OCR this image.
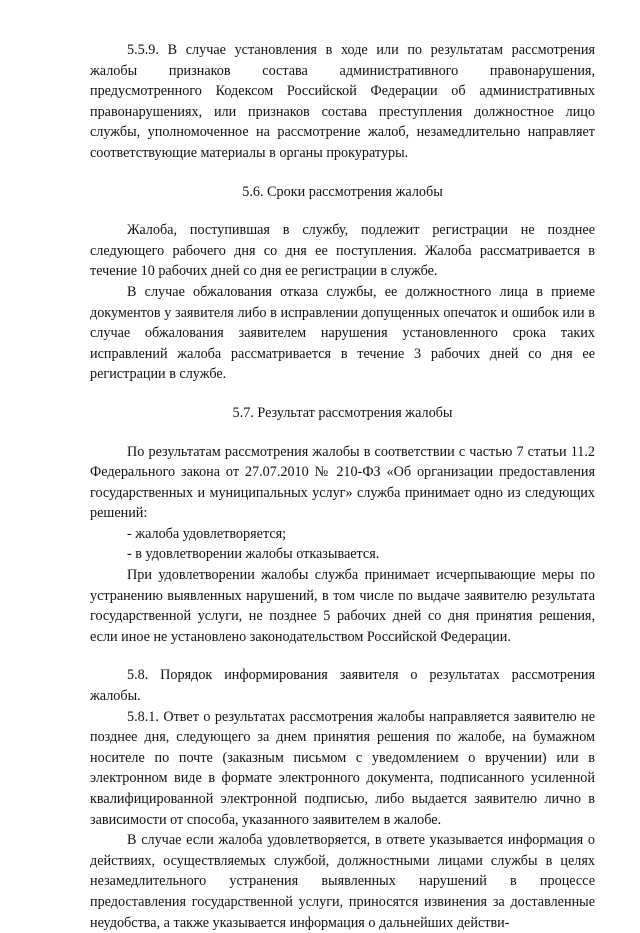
5.5.9. В случае установления в ходе или по результатам рассмотрения жалобы признаков состава административного правонарушения, предусмотренного Кодексом Российской Федерации об административных правонарушениях, или признаков состава преступления должностное лицо службы, уполномоченное на рассмотрение жалоб, незамедлительно направляет соответствующие материалы в органы прокуратуры.

5.6. Сроки рассмотрения жалобы

Жалоба, поступившая в службу, подлежит регистрации не позднее следующего рабочего дня со дня ее поступления. Жалоба рассматривается в течение 10 рабочих дней со дня ее регистрации в службе.

В случае обжалования отказа службы, ее должностного лица в приеме документов у заявителя либо в исправлении допущенных опечаток и ошибок или в случае обжалования заявителем нарушения установленного срока таких исправлений жалоба рассматривается в течение 3 рабочих дней со дня ее регистрации в службе.

5.7. Результат рассмотрения жалобы

По результатам рассмотрения жалобы в соответствии с частью 7 статьи 11.2 Федерального закона от 27.07.2010 № 210-ФЗ «Об организации предоставления государственных и муниципальных услуг» служба принимает одно из следующих решений:

- жалоба удовлетворяется;

- в удовлетворении жалобы отказывается.

При удовлетворении жалобы служба принимает исчерпывающие меры по устранению выявленных нарушений, в том числе по выдаче заявителю результата государственной услуги, не позднее 5 рабочих дней со дня принятия решения, если иное не установлено законодательством Российской Федерации.

5.8. Порядок информирования заявителя о результатах рассмотрения жалобы.

5.8.1. Ответ о результатах рассмотрения жалобы направляется заявителю не позднее дня, следующего за днем принятия решения по жалобе, на бумажном носителе по почте (заказным письмом с уведомлением о вручении) или в электронном виде в формате электронного документа, подписанного усиленной квалифицированной электронной подписью, либо выдается заявителю лично в зависимости от способа, указанного заявителем в жалобе.

В случае если жалоба удовлетворяется, в ответе указывается информация о действиях, осуществляемых службой, должностными лицами службы в целях незамедлительного устранения выявленных нарушений в процессе предоставления государственной услуги, приносятся извинения за доставленные неудобства, а также указывается информация о дальнейших действи-
